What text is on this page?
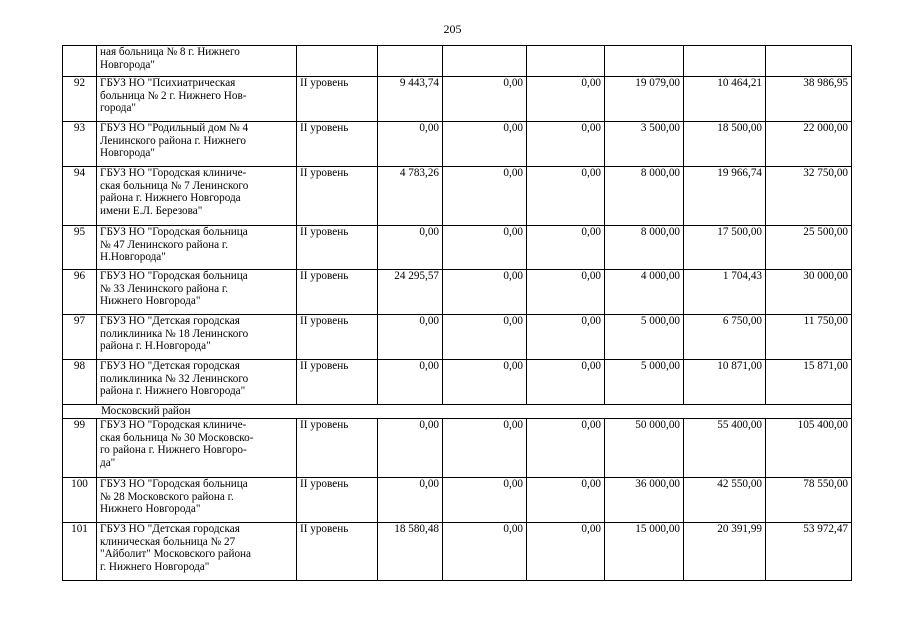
205

	ная больница № 8 г. Нижнего
Новгорода"							

92	ГБУЗ НО "Психиатрическая
больница № 2 г. Нижнего Нов-
города"	II уровень	9 443,74	0,00	0,00	19 079,00	10 464,21	38 986,95
93	ГБУЗ НО "Родильный дом № 4
Ленинского района г. Нижнего
Новгорода"	II уровень	0,00	0,00	0,00	3 500,00	18 500,00	22 000,00
94	ГБУЗ НО "Городская клиниче-
ская больница № 7 Ленинского
района г. Нижнего Новгорода
имени Е.Л. Березова"	II уровень	4 783,26	0,00	0,00	8 000,00	19 966,74	32 750,00
95	ГБУЗ НО "Городская больница
№ 47 Ленинского района г.
Н.Новгорода"	II уровень	0,00	0,00	0,00	8 000,00	17 500,00	25 500,00
96	ГБУЗ НО "Городская больница
№ 33 Ленинского района г.
Нижнего Новгорода"	II уровень	24 295,57	0,00	0,00	4 000,00	1 704,43	30 000,00
97	ГБУЗ НО "Детская городская
поликлиника № 18 Ленинского
района г. Н.Новгорода"	II уровень	0,00	0,00	0,00	5 000,00	6 750,00	11 750,00
98	ГБУЗ НО "Детская городская
поликлиника № 32 Ленинского
района г. Нижнего Новгорода"	II уровень	0,00	0,00	0,00	5 000,00	10 871,00	15 871,00
Московский район								
99	ГБУЗ НО "Городская клиниче-
ская больница № 30 Московско-
го района г. Нижнего Новгоро-
да"	II уровень	0,00	0,00	0,00	50 000,00	55 400,00	105 400,00
100	ГБУЗ НО "Городская больница
№ 28 Московского района г.
Нижнего Новгорода"	II уровень	0,00	0,00	0,00	36 000,00	42 550,00	78 550,00
101	ГБУЗ НО "Детская городская
клиническая больница № 27
"Айболит" Московского района
г. Нижнего Новгорода"	II уровень	18 580,48	0,00	0,00	15 000,00	20 391,99	53 972,47
